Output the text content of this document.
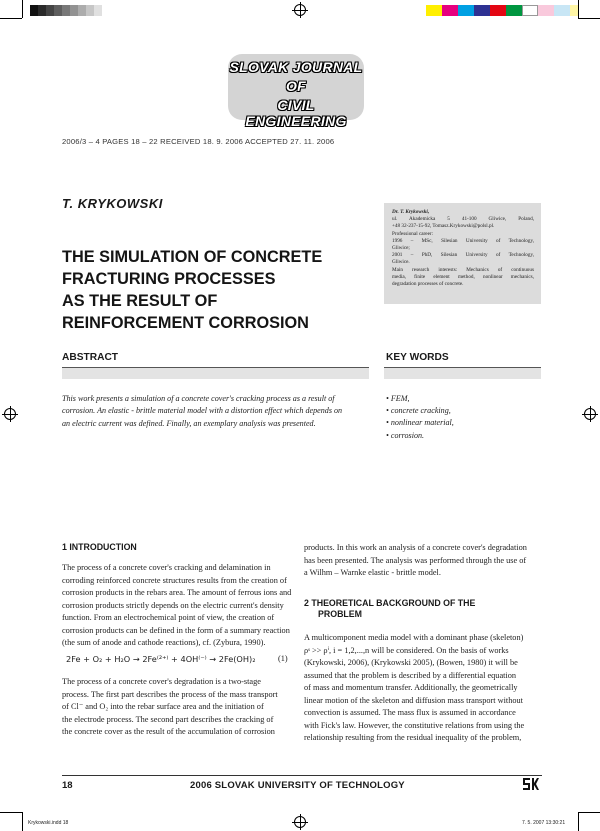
SLOVAK JOURNAL
OF
CIVIL ENGINEERING
2006/3 – 4 PAGES 18 – 22 RECEIVED 18. 9. 2006 ACCEPTED 27. 11. 2006
T. KRYKOWSKI
Dr. T. Krykowski,
ul. Akademicka 5 41-100 Gliwice, Poland,
+48 32-237-15-92, Tomasz.Krykowski@polsl.pl.
Professional career:
1996 – MSc, Silesian University of Technology,
Gliwice;
2001 – PhD, Silesian University of Technology,
Gliwice.
Main research interests: Mechanics of continuous
media, finite element method, nonlinear mechanics,
degradation processes of concrete.
THE SIMULATION OF CONCRETE
FRACTURING PROCESSES
AS THE RESULT OF
REINFORCEMENT CORROSION
ABSTRACT
This work presents a simulation of a concrete cover's cracking process as a result of
corrosion. An elastic - brittle material model with a distortion effect which depends on
an electric current was defined. Finally, an exemplary analysis was presented.
KEY WORDS
• FEM,
• concrete cracking,
• nonlinear material,
• corrosion.
1 INTRODUCTION
The process of a concrete cover's cracking and delamination in
corroding reinforced concrete structures results from the creation of
corrosion products in the rebars area. The amount of ferrous ions and
corrosion products strictly depends on the electric current's density
function. From an electrochemical point of view, the creation of
corrosion products can be defined in the form of a summary reaction
(the sum of anode and cathode reactions), cf. (Zybura, 1990).
2Fe + O₂ + H₂O → 2Fe⁽²⁺⁾ + 4OH⁽⁻⁾ → 2Fe(OH)₂	(1)
The process of a concrete cover's degradation is a two-stage
process. The first part describes the process of the mass transport
of Cl⁻ and O₂ into the rebar surface area and the initiation of
the electrode process. The second part describes the cracking of
the concrete cover as the result of the accumulation of corrosion
products. In this work an analysis of a concrete cover's degradation
has been presented. The analysis was performed through the use of
a Wilhm – Warnke elastic - brittle model.
2 THEORETICAL BACKGROUND OF THE
PROBLEM
A multicomponent media model with a dominant phase (skeleton)
ρˢ >> ρⁱ, i = 1,2,...,n will be considered. On the basis of works
(Krykowski, 2006), (Krykowski 2005), (Bowen, 1980) it will be
assumed that the problem is described by a differential equation
of mass and momentum transfer. Additionally, the geometrically
linear motion of the skeleton and diffusion mass transport without
convection is assumed. The mass flux is assumed in accordance
with Fick's law. However, the constitutive relations from using the
relationship resulting from the residual inequality of the problem,
18	2006 SLOVAK UNIVERSITY OF TECHNOLOGY
Krykowski.indd 18	7. 5. 2007 13:30:21
